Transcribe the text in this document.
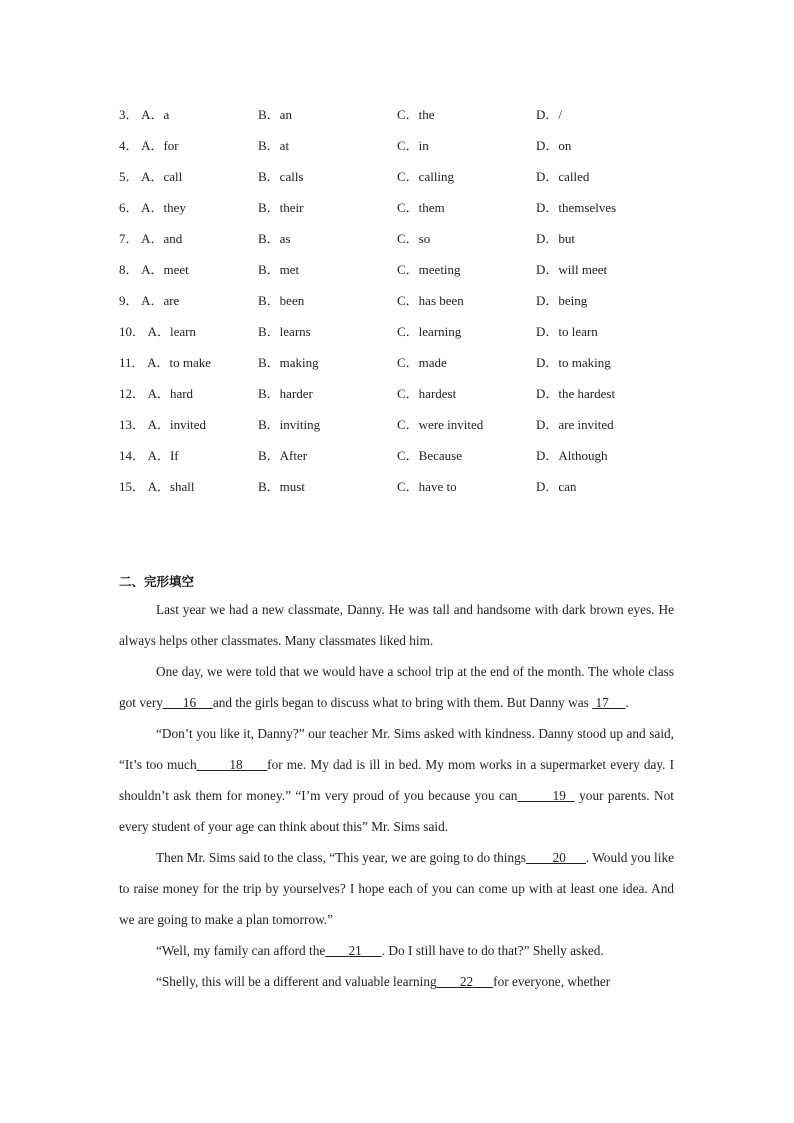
3． A．a	B．an	C．the	D．/
4． A．for	B．at	C．in	D．on
5． A．call	B．calls	C．calling	D．called
6． A．they	B．their	C．them	D．themselves
7． A．and	B．as	C．so	D．but
8． A．meet	B．met	C．meeting	D．will meet
9． A．are	B．been	C．has been	D．being
10． A．learn	B．learns	C．learning	D．to learn
11． A．to make	B．making	C．made	D．to making
12． A．hard	B．harder	C．hardest	D．the hardest
13． A．invited	B．inviting	C．were invited	D．are invited
14． A．If	B．After	C．Because	D．Although
15． A．shall	B．must	C．have to	D．can
二、完形填空

Last year we had a new classmate, Danny. He was tall and handsome with dark brown eyes. He always helps other classmates. Many classmates liked him.

One day, we were told that we would have a school trip at the end of the month. The whole class got very      16     and the girls began to discuss what to bring with them. But Danny was  17     .

“Don’t you like it, Danny?” our teacher Mr. Sims asked with kindness. Danny stood up and said, “It’s too much        18      for me. My dad is ill in bed. My mom works in a supermarket every day. I shouldn’t ask them for money.” “I’m very proud of you because you can        19   your parents. Not every student of your age can think about this” Mr. Sims said.

Then Mr. Sims said to the class, “This year, we are going to do things        20      . Would you like to raise money for the trip by yourselves? I hope each of you can come up with at least one idea. And we are going to make a plan tomorrow.”

“Well, my family can afford the       21      . Do I still have to do that?” Shelly asked.

“Shelly, this will be a different and valuable learning       22      for everyone, whether
